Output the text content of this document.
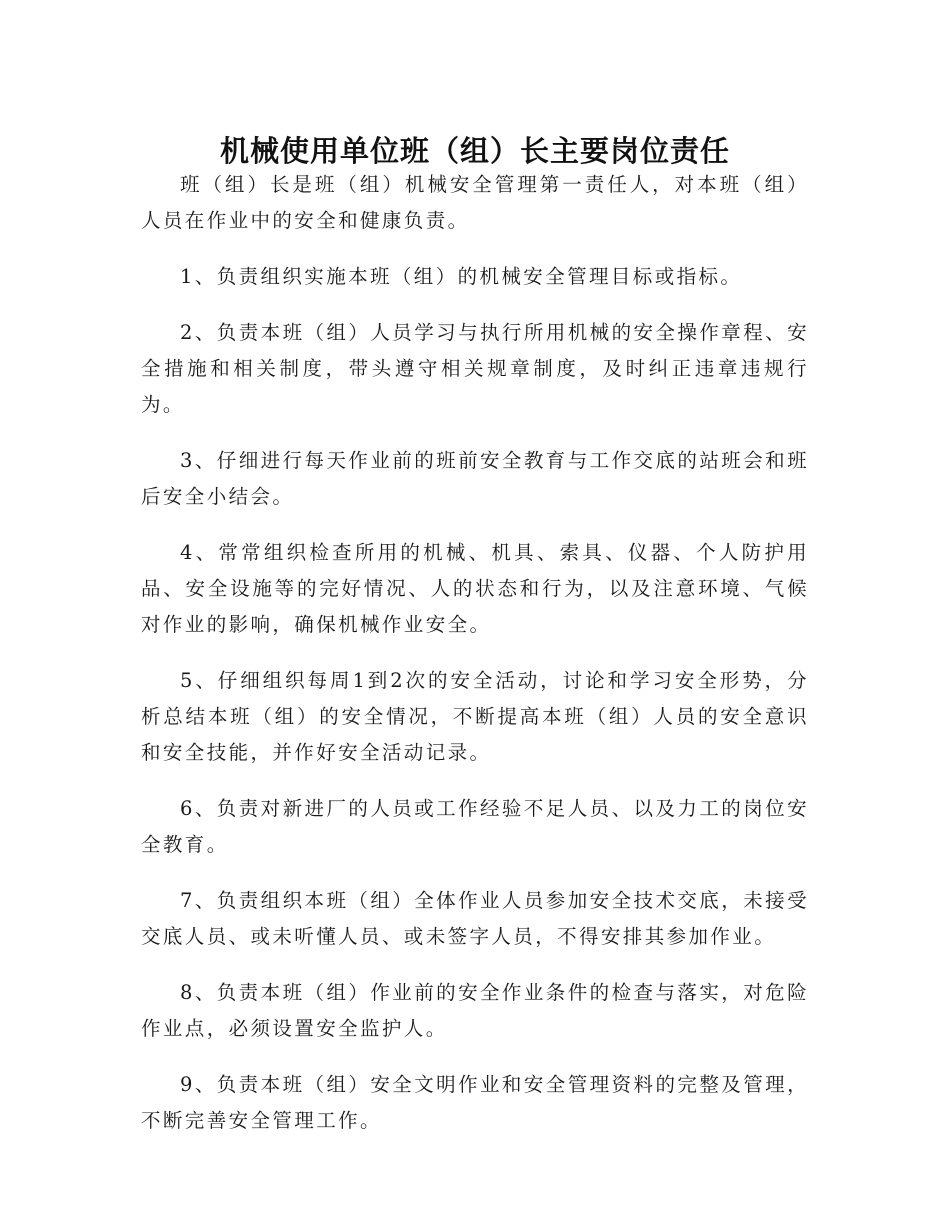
机械使用单位班（组）长主要岗位责任

班（组）长是班（组）机械安全管理第一责任人，对本班（组）人员在作业中的安全和健康负责。

1、负责组织实施本班（组）的机械安全管理目标或指标。

2、负责本班（组）人员学习与执行所用机械的安全操作章程、安全措施和相关制度，带头遵守相关规章制度，及时纠正违章违规行为。

3、仔细进行每天作业前的班前安全教育与工作交底的站班会和班后安全小结会。

4、常常组织检查所用的机械、机具、索具、仪器、个人防护用品、安全设施等的完好情况、人的状态和行为，以及注意环境、气候对作业的影响，确保机械作业安全。

5、仔细组织每周1到2次的安全活动，讨论和学习安全形势，分析总结本班（组）的安全情况，不断提高本班（组）人员的安全意识和安全技能，并作好安全活动记录。

6、负责对新进厂的人员或工作经验不足人员、以及力工的岗位安全教育。

7、负责组织本班（组）全体作业人员参加安全技术交底，未接受交底人员、或未听懂人员、或未签字人员，不得安排其参加作业。

8、负责本班（组）作业前的安全作业条件的检查与落实，对危险作业点，必须设置安全监护人。

9、负责本班（组）安全文明作业和安全管理资料的完整及管理，不断完善安全管理工作。
